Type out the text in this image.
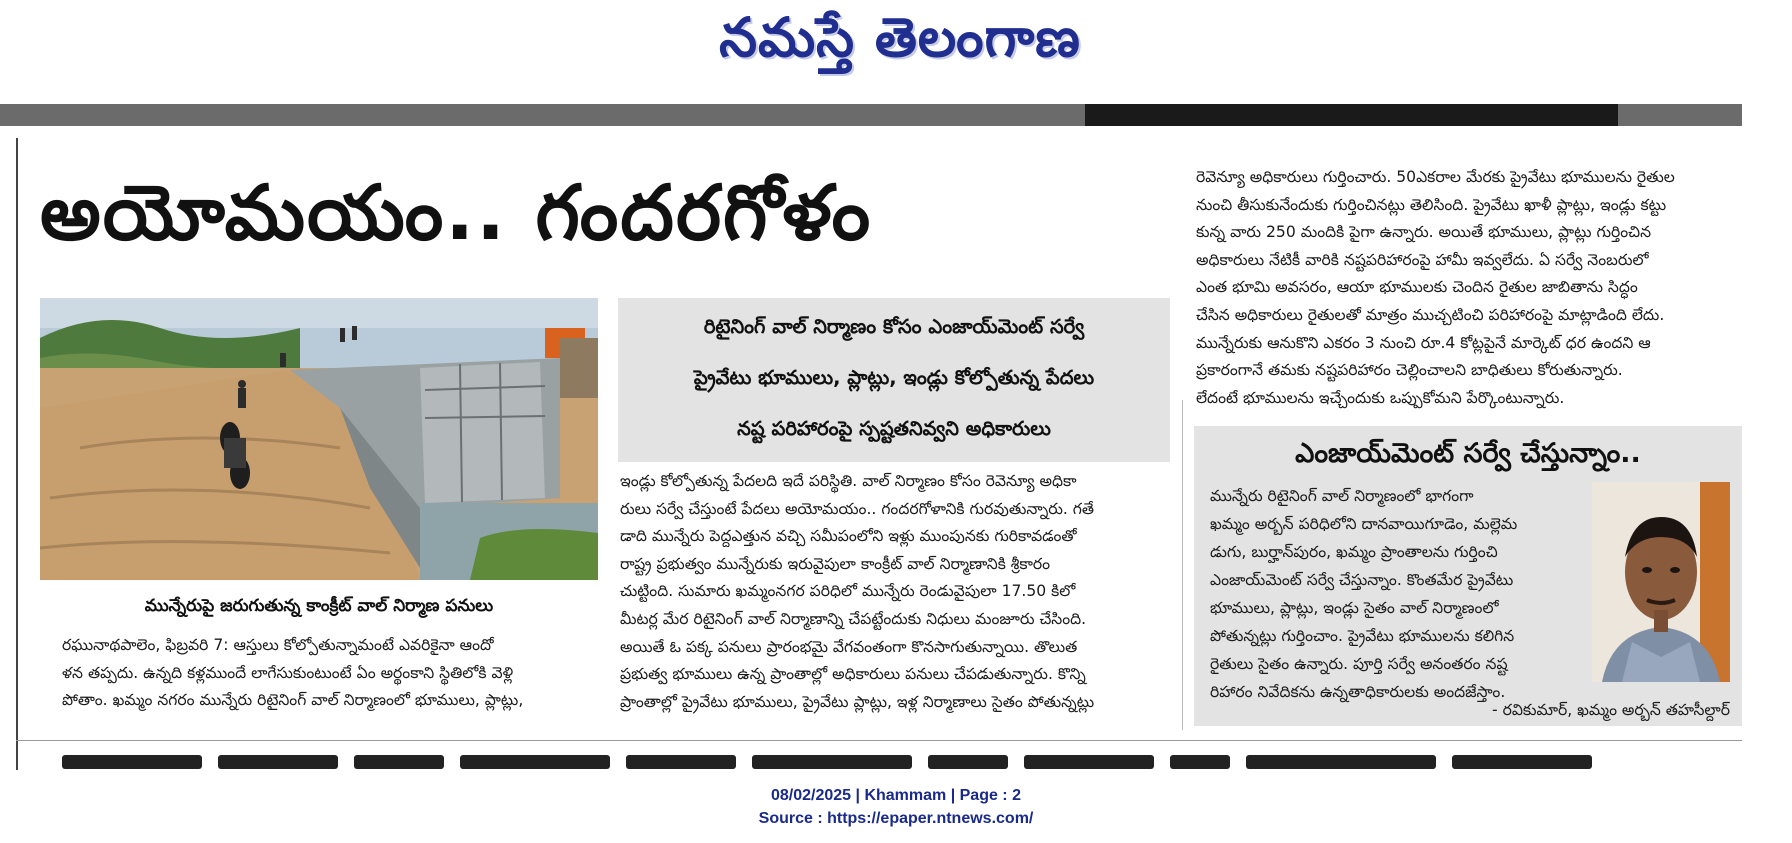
నమస్తే తెలంగాణ
అయోమయం.. గందరగోళం
మున్నేరుపై జరుగుతున్న కాంక్రీట్ వాల్ నిర్మాణ పనులు
రిటైనింగ్ వాల్ నిర్మాణం కోసం ఎంజాయ్‌మెంట్ సర్వే
ప్రైవేటు భూములు, ప్లాట్లు, ఇండ్లు కోల్పోతున్న పేదలు
నష్ట పరిహారంపై స్పష్టతనివ్వని అధికారులు
రఘునాథపాలెం, ఫిబ్రవరి 7: ఆస్తులు కోల్పోతున్నామంటే ఎవరికైనా ఆందో
ళన తప్పదు. ఉన్నది కళ్లముందే లాగేసుకుంటుంటే ఏం అర్థంకాని స్థితిలోకి వెళ్లి
పోతాం. ఖమ్మం నగరం మున్నేరు రిటైనింగ్ వాల్ నిర్మాణంలో భూములు, ప్లాట్లు,
ఇండ్లు కోల్పోతున్న పేదలది ఇదే పరిస్థితి. వాల్ నిర్మాణం కోసం రెవెన్యూ అధికా
రులు సర్వే చేస్తుంటే పేదలు అయోమయం.. గందరగోళానికి గురవుతున్నారు. గతే
డాది మున్నేరు పెద్దఎత్తున వచ్చి సమీపంలోని ఇళ్లు ముంపునకు గురికావడంతో
రాష్ట్ర ప్రభుత్వం మున్నేరుకు ఇరువైపులా కాంక్రీట్ వాల్ నిర్మాణానికి శ్రీకారం
చుట్టింది. సుమారు ఖమ్మంనగర పరిధిలో మున్నేరు రెండువైపులా 17.50 కిలో
మీటర్ల మేర రిటైనింగ్ వాల్ నిర్మాణాన్ని చేపట్టేందుకు నిధులు మంజూరు చేసింది.
అయితే ఓ పక్క పనులు ప్రారంభమై వేగవంతంగా కొనసాగుతున్నాయి. తొలుత
ప్రభుత్వ భూములు ఉన్న ప్రాంతాల్లో అధికారులు పనులు చేపడుతున్నారు. కొన్ని
ప్రాంతాల్లో ప్రైవేటు భూములు, ప్రైవేటు ప్లాట్లు, ఇళ్ల నిర్మాణాలు సైతం పోతున్నట్లు
రెవెన్యూ అధికారులు గుర్తించారు. 50ఎకరాల మేరకు ప్రైవేటు భూములను రైతుల
నుంచి తీసుకునేందుకు గుర్తించినట్లు తెలిసింది. ప్రైవేటు ఖాళీ ప్లాట్లు, ఇండ్లు కట్టు
కున్న వారు 250 మందికి పైగా ఉన్నారు. అయితే భూములు, ప్లాట్లు గుర్తించిన
అధికారులు నేటికీ వారికి నష్టపరిహారంపై హామీ ఇవ్వలేదు. ఏ సర్వే నెంబరులో
ఎంత భూమి అవసరం, ఆయా భూములకు చెందిన రైతుల జాబితాను సిద్ధం
చేసిన అధికారులు రైతులతో మాత్రం ముచ్చటించి పరిహారంపై మాట్లాడింది లేదు.
మున్నేరుకు ఆనుకొని ఎకరం 3 నుంచి రూ.4 కోట్లపైనే మార్కెట్ ధర ఉందని ఆ
ప్రకారంగానే తమకు నష్టపరిహారం చెల్లించాలని బాధితులు కోరుతున్నారు.
లేదంటే భూములను ఇచ్చేందుకు ఒప్పుకోమని పేర్కొంటున్నారు.
ఎంజాయ్‌మెంట్ సర్వే చేస్తున్నాం..
మున్నేరు రిటైనింగ్ వాల్ నిర్మాణంలో భాగంగా
ఖమ్మం అర్బన్ పరిధిలోని దానవాయిగూడెం, మల్లెమ
డుగు, బుర్హాన్‌పురం, ఖమ్మం ప్రాంతాలను గుర్తించి
ఎంజాయ్‌మెంట్ సర్వే చేస్తున్నాం. కొంతమేర ప్రైవేటు
భూములు, ప్లాట్లు, ఇండ్లు సైతం వాల్ నిర్మాణంలో
పోతున్నట్లు గుర్తించాం. ప్రైవేటు భూములను కలిగిన
రైతులు సైతం ఉన్నారు. పూర్తి సర్వే అనంతరం నష్ట
రిహారం నివేదికను ఉన్నతాధికారులకు అందజేస్తాం.
- రవికుమార్, ఖమ్మం అర్బన్ తహసీల్దార్
08/02/2025 | Khammam | Page : 2
Source : https://epaper.ntnews.com/
